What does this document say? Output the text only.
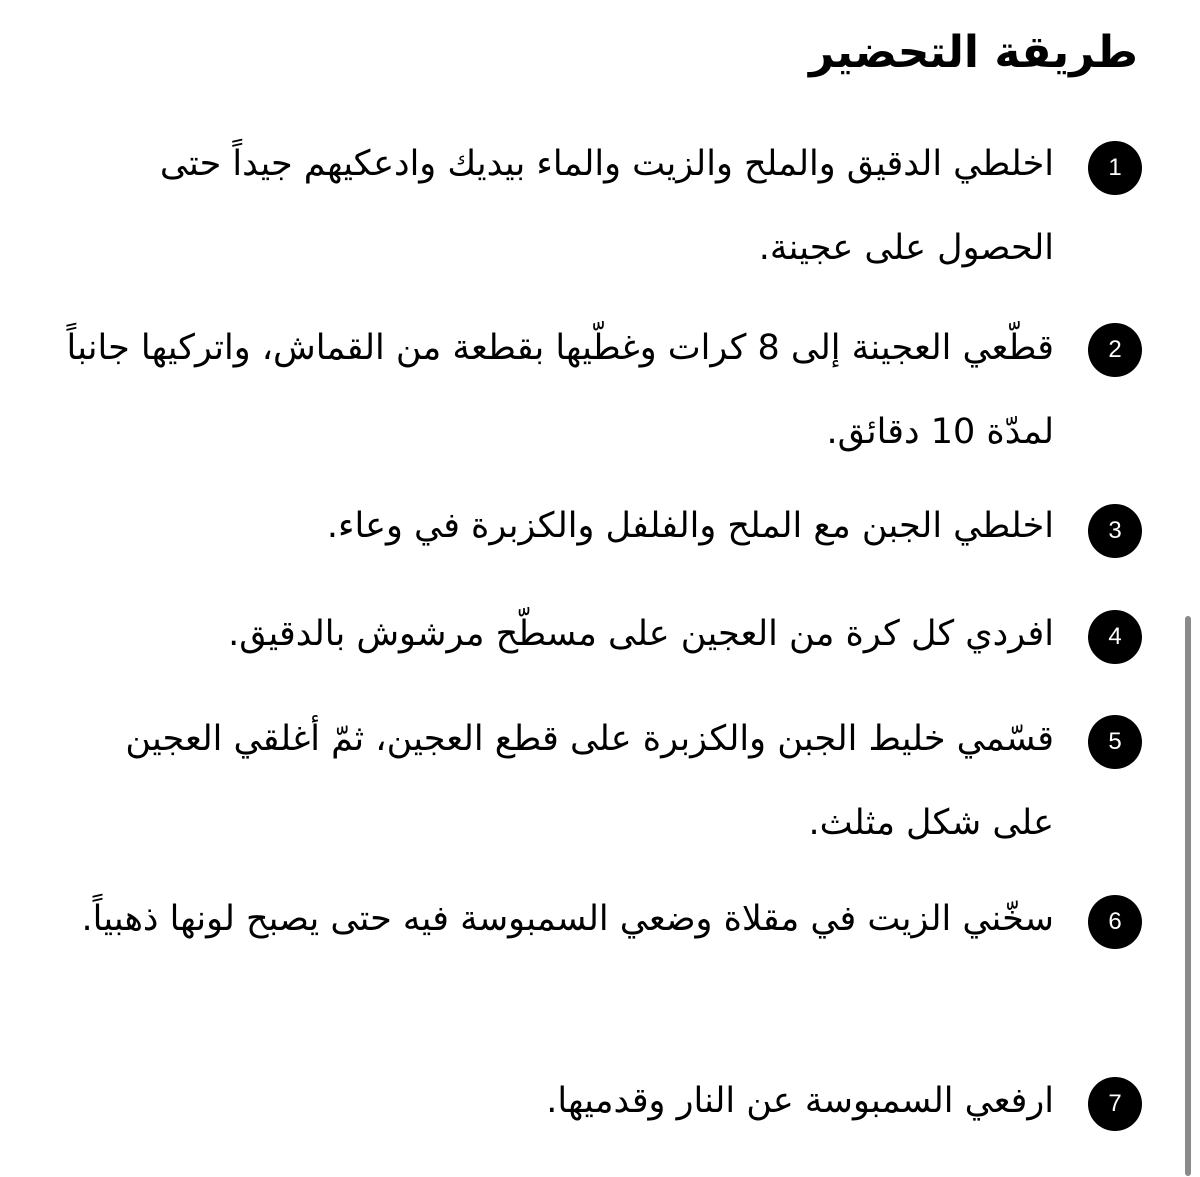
طريقة التحضير
1

اخلطي الدقيق والملح والزيت والماء بيديك وادعكيهم جيداً حتى الحصول على عجينة.

2

قطّعي العجينة إلى 8 كرات وغطّيها بقطعة من القماش، واتركيها جانباً لمدّة 10 دقائق.

3

اخلطي الجبن مع الملح والفلفل والكزبرة في وعاء.

4

افردي كل كرة من العجين على مسطّح مرشوش بالدقيق.

5

قسّمي خليط الجبن والكزبرة على قطع العجين، ثمّ أغلقي العجين على شكل مثلث.

6

سخّني الزيت في مقلاة وضعي السمبوسة فيه حتى يصبح لونها ذهبياً.

7

ارفعي السمبوسة عن النار وقدميها.
